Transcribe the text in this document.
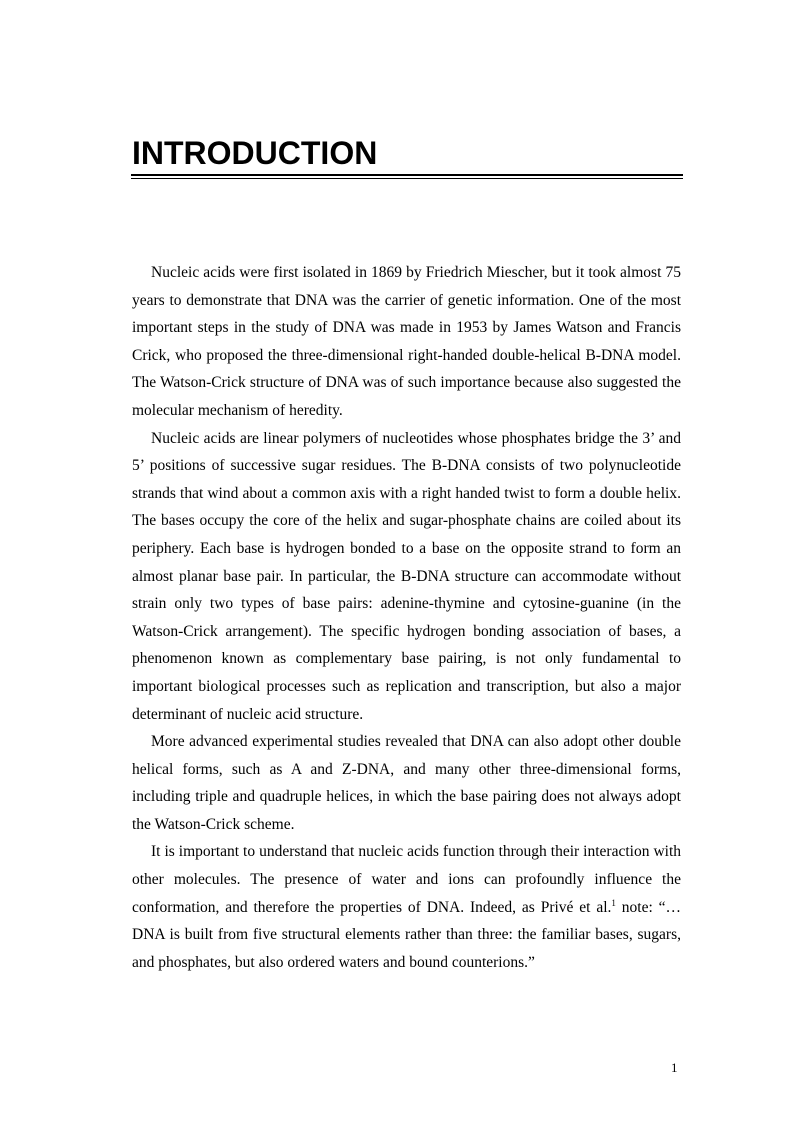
INTRODUCTION

Nucleic acids were first isolated in 1869 by Friedrich Miescher, but it took almost 75 years to demonstrate that DNA was the carrier of genetic information. One of the most important steps in the study of DNA was made in 1953 by James Watson and Francis Crick, who proposed the three-dimensional right-handed double-helical B-DNA model. The Watson-Crick structure of DNA was of such importance because also suggested the molecular mechanism of heredity.

Nucleic acids are linear polymers of nucleotides whose phosphates bridge the 3’ and 5’ positions of successive sugar residues. The B-DNA consists of two polynucleotide strands that wind about a common axis with a right handed twist to form a double helix. The bases occupy the core of the helix and sugar-phosphate chains are coiled about its periphery. Each base is hydrogen bonded to a base on the opposite strand to form an almost planar base pair. In particular, the B-DNA structure can accommodate without strain only two types of base pairs: adenine-thymine and cytosine-guanine (in the Watson-Crick arrangement). The specific hydrogen bonding association of bases, a phenomenon known as complementary base pairing, is not only fundamental to important biological processes such as replication and transcription, but also a major determinant of nucleic acid structure.

More advanced experimental studies revealed that DNA can also adopt other double helical forms, such as A and Z-DNA, and many other three-dimensional forms, including triple and quadruple helices, in which the base pairing does not always adopt the Watson-Crick scheme.

It is important to understand that nucleic acids function through their interaction with other molecules. The presence of water and ions can profoundly influence the conformation, and therefore the properties of DNA. Indeed, as Privé et al.$^1$ note: “…DNA is built from five structural elements rather than three: the familiar bases, sugars, and phosphates, but also ordered waters and bound counterions.”

1
